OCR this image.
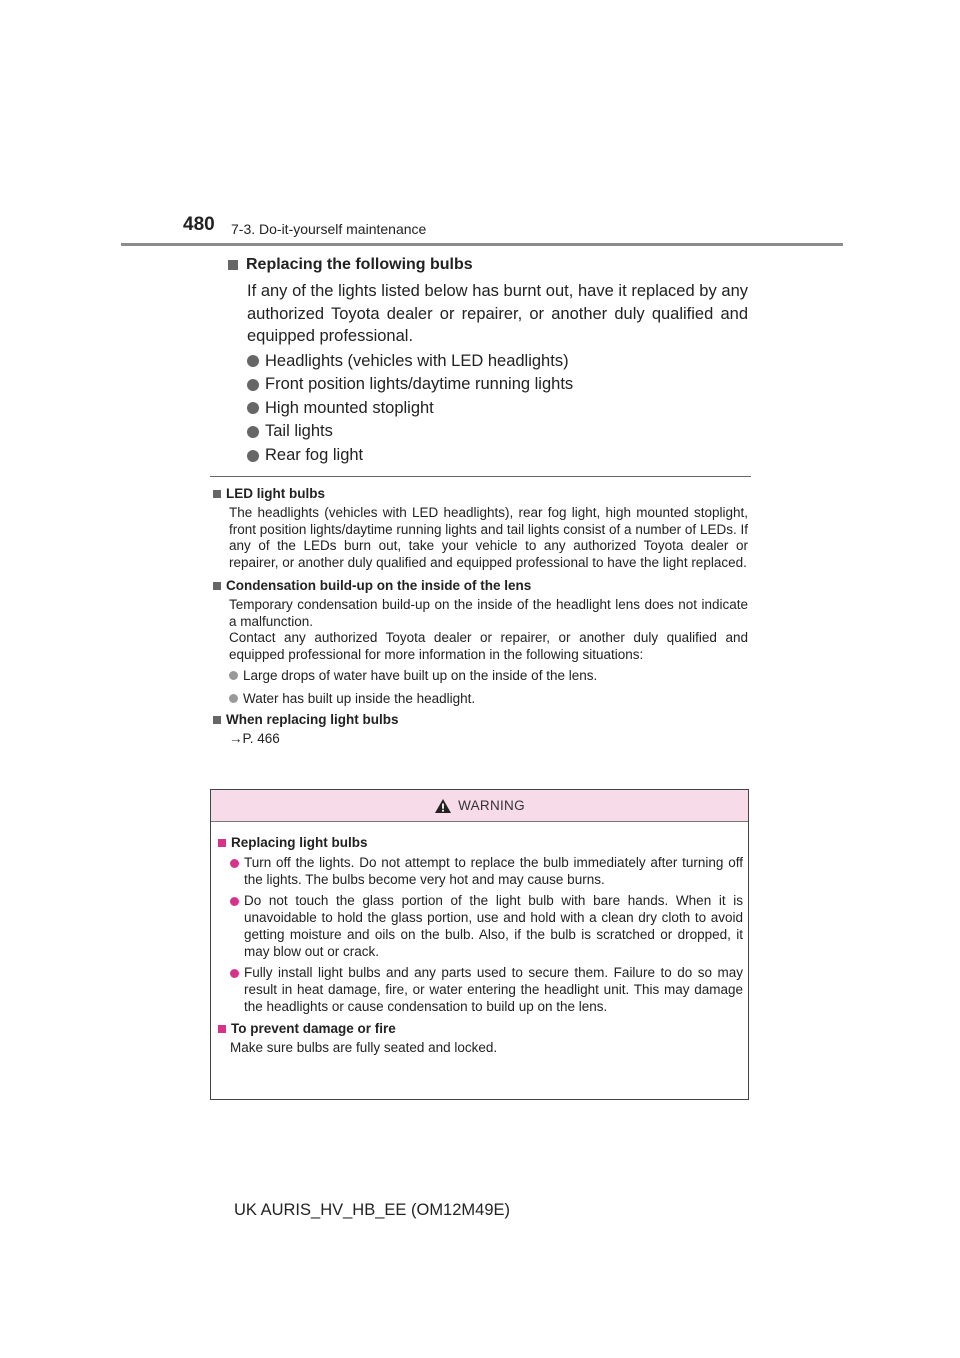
480 7-3. Do-it-yourself maintenance
Replacing the following bulbs

If any of the lights listed below has burnt out, have it replaced by any authorized Toyota dealer or repairer, or another duly qualified and equipped professional.

Headlights (vehicles with LED headlights)
Front position lights/daytime running lights
High mounted stoplight
Tail lights
Rear fog light
LED light bulbs

The headlights (vehicles with LED headlights), rear fog light, high mounted stoplight, front position lights/daytime running lights and tail lights consist of a number of LEDs. If any of the LEDs burn out, take your vehicle to any authorized Toyota dealer or repairer, or another duly qualified and equipped professional to have the light replaced.

Condensation build-up on the inside of the lens

Temporary condensation build-up on the inside of the headlight lens does not indicate a malfunction.

Contact any authorized Toyota dealer or repairer, or another duly qualified and equipped professional for more information in the following situations:

Large drops of water have built up on the inside of the lens.
Water has built up inside the headlight.
When replacing light bulbs

→P. 466

WARNING
Replacing light bulbs
Turn off the lights. Do not attempt to replace the bulb immediately after turning off the lights. The bulbs become very hot and may cause burns.
Do not touch the glass portion of the light bulb with bare hands. When it is unavoidable to hold the glass portion, use and hold with a clean dry cloth to avoid getting moisture and oils on the bulb. Also, if the bulb is scratched or dropped, it may blow out or crack.
Fully install light bulbs and any parts used to secure them. Failure to do so may result in heat damage, fire, or water entering the headlight unit. This may damage the headlights or cause condensation to build up on the lens.
To prevent damage or fire

Make sure bulbs are fully seated and locked.

UK AURIS_HV_HB_EE (OM12M49E)
